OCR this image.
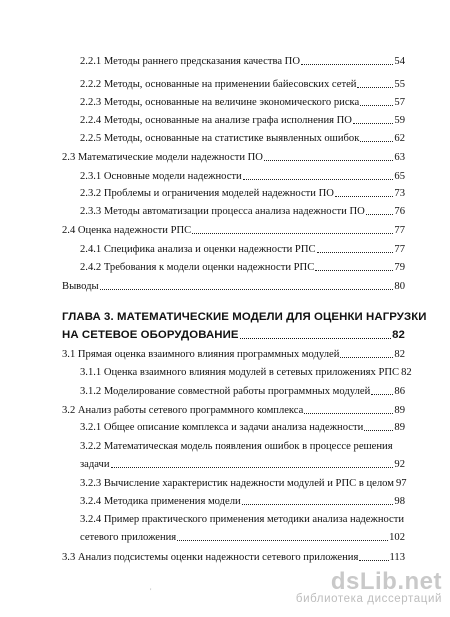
2.2.1 Методы раннего предсказания качества ПО	54
2.2.2 Методы, основанные на применении байесовских сетей	55
2.2.3 Методы, основанные на величине экономического риска	57
2.2.4 Методы, основанные на анализе графа исполнения ПО	59
2.2.5 Методы, основанные на статистике выявленных ошибок	62
2.3 Математические модели надежности ПО	63
2.3.1 Основные модели надежности	65
2.3.2 Проблемы и ограничения моделей надежности ПО	73
2.3.3 Методы автоматизации процесса анализа надежности ПО	76
2.4 Оценка надежности РПС	77
2.4.1 Специфика анализа и оценки надежности РПС	77
2.4.2 Требования к модели оценки надежности РПС	79
Выводы	80
ГЛАВА 3. МАТЕМАТИЧЕСКИЕ МОДЕЛИ ДЛЯ ОЦЕНКИ НАГРУЗКИ
НА СЕТЕВОЕ ОБОРУДОВАНИЕ	82
3.1 Прямая оценка взаимного влияния программных модулей	82
3.1.1 Оценка взаимного влияния модулей в сетевых приложениях РПС 82
3.1.2 Моделирование совместной работы программных модулей 86
3.2 Анализ работы сетевого программного комплекса	89
3.2.1 Общее описание комплекса и задачи анализа надежности	89
3.2.2 Математическая модель появления ошибок в процессе решения
задачи	92
3.2.3 Вычисление характеристик надежности модулей и РПС в целом 97
3.2.4 Методика применения модели	98
3.2.4 Пример практического применения методики анализа надежности
сетевого приложения	102
3.3 Анализ подсистемы оценки надежности сетевого приложения	113
,	dsLib.net
библиотека диссертаций
